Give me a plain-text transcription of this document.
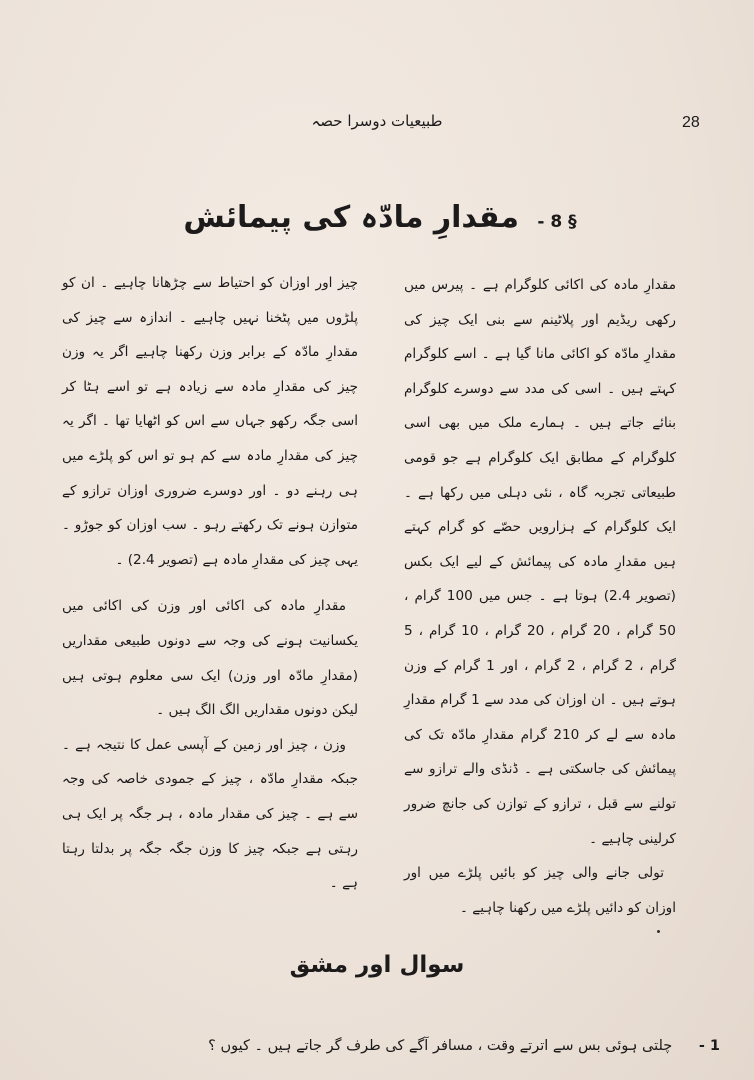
طبیعیات دوسرا حصہ	28
§ 8 - مقدارِ مادّہ کی پیمائش

مقدارِ مادہ کی اکائی کلوگرام ہے ۔ پیرس میں رکھی ریڈیم اور پلاٹینم سے بنی ایک چیز کی مقدارِ مادّہ کو اکائی مانا گیا ہے ۔ اسے کلوگرام کہتے ہیں ۔ اسی کی مدد سے دوسرے کلوگرام بنائے جاتے ہیں ۔ ہمارے ملک میں بھی اسی کلوگرام کے مطابق ایک کلوگرام ہے جو قومی طبیعاتی تجربہ گاہ ، نئی دہلی میں رکھا ہے ۔ ایک کلوگرام کے ہزارویں حصّے کو گرام کہتے ہیں مقدارِ مادہ کی پیمائش کے لیے ایک بکس (تصویر 2.4) ہوتا ہے ۔ جس میں 100 گرام ، 50 گرام ، 20 گرام ، 20 گرام ، 10 گرام ، 5 گرام ، 2 گرام ، 2 گرام ، اور 1 گرام کے وزن ہوتے ہیں ۔ ان اوزان کی مدد سے 1 گرام مقدارِ مادہ سے لے کر 210 گرام مقدارِ مادّہ تک کی پیمائش کی جاسکتی ہے ۔ ڈنڈی والے ترازو سے تولنے سے قبل ، ترازو کے توازن کی جانچ ضرور کرلینی چاہیے ۔

تولی جانے والی چیز کو بائیں پلڑے میں اور اوزان کو دائیں پلڑے میں رکھنا چاہیے ۔

چیز اور اوزان کو احتیاط سے چڑھانا چاہیے ۔ ان کو پلڑوں میں پٹخنا نہیں چاہیے ۔ اندازہ سے چیز کی مقدارِ مادّہ کے برابر وزن رکھنا چاہیے اگر یہ وزن چیز کی مقدارِ مادہ سے زیادہ ہے تو اسے ہٹا کر اسی جگہ رکھو جہاں سے اس کو اٹھایا تھا ۔ اگر یہ چیز کی مقدارِ مادہ سے کم ہو تو اس کو پلڑے میں ہی رہنے دو ۔ اور دوسرے ضروری اوزان ترازو کے متوازن ہونے تک رکھتے رہو ۔ سب اوزان کو جوڑو ۔ یہی چیز کی مقدارِ مادہ ہے (تصویر 2.4) ۔

مقدارِ مادہ کی اکائی اور وزن کی اکائی میں یکسانیت ہونے کی وجہ سے دونوں طبیعی مقداریں (مقدارِ مادّہ اور وزن) ایک سی معلوم ہوتی ہیں لیکن دونوں مقداریں الگ الگ ہیں ۔

وزن ، چیز اور زمین کے آپسی عمل کا نتیجہ ہے ۔ جبکہ مقدارِ مادّہ ، چیز کے جمودی خاصہ کی وجہ سے ہے ۔ چیز کی مقدار مادہ ، ہر جگہ پر ایک ہی رہتی ہے جبکہ چیز کا وزن جگہ جگہ پر بدلتا رہتا ہے ۔

سوال اور مشق
1 - چلتی ہوئی بس سے اترتے وقت ، مسافر آگے کی طرف گر جاتے ہیں ۔ کیوں ؟
